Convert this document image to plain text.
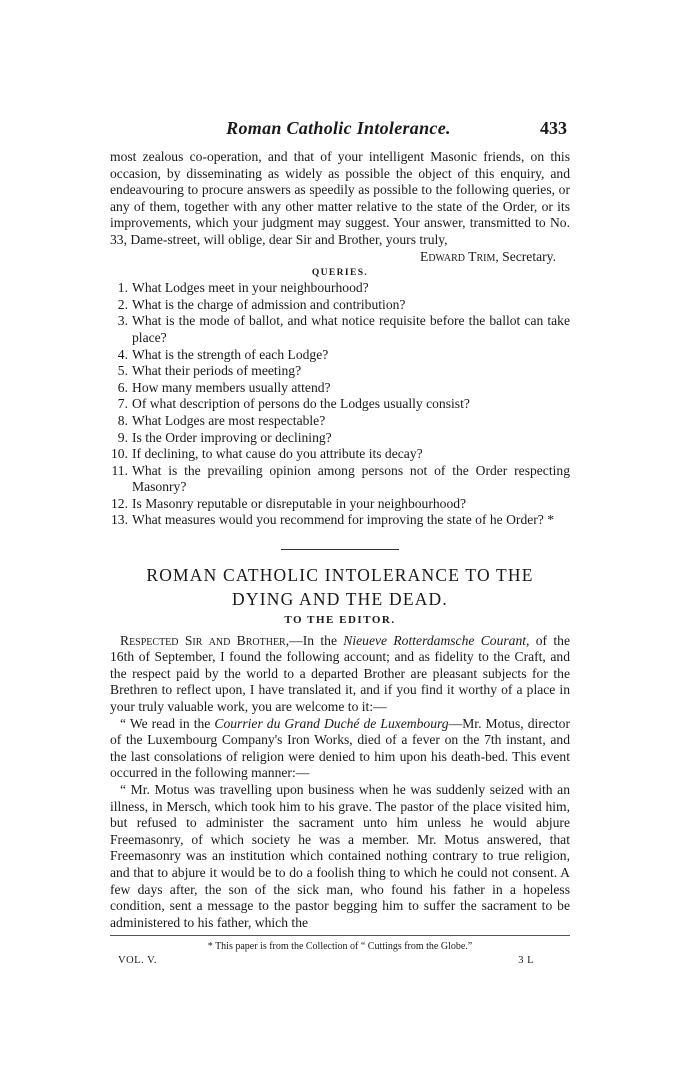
Roman Catholic Intolerance.	433

most zealous co-operation, and that of your intelligent Masonic friends, on this occasion, by disseminating as widely as possible the object of this enquiry, and endeavouring to procure answers as speedily as possible to the following queries, or any of them, together with any other matter relative to the state of the Order, or its improvements, which your judgment may suggest. Your answer, transmitted to No. 33, Dame-street, will oblige, dear Sir and Brother, yours truly,

Edward Trim, Secretary.

QUERIES.
1. What Lodges meet in your neighbourhood?
2. What is the charge of admission and contribution?
3. What is the mode of ballot, and what notice requisite before the ballot can take place?
4. What is the strength of each Lodge?
5. What their periods of meeting?
6. How many members usually attend?
7. Of what description of persons do the Lodges usually consist?
8. What Lodges are most respectable?
9. Is the Order improving or declining?
10. If declining, to what cause do you attribute its decay?
11. What is the prevailing opinion among persons not of the Order respecting Masonry?
12. Is Masonry reputable or disreputable in your neighbourhood?
13. What measures would you recommend for improving the state of he Order? *
ROMAN CATHOLIC INTOLERANCE TO THE
DYING AND THE DEAD.
TO THE EDITOR.

Respected Sir and Brother,—In the Nieueve Rotterdamsche Courant, of the 16th of September, I found the following account; and as fidelity to the Craft, and the respect paid by the world to a departed Brother are pleasant subjects for the Brethren to reflect upon, I have translated it, and if you find it worthy of a place in your truly valuable work, you are welcome to it:—

“ We read in the Courrier du Grand Duché de Luxembourg—Mr. Motus, director of the Luxembourg Company's Iron Works, died of a fever on the 7th instant, and the last consolations of religion were denied to him upon his death-bed. This event occurred in the following manner:—

“ Mr. Motus was travelling upon business when he was suddenly seized with an illness, in Mersch, which took him to his grave. The pastor of the place visited him, but refused to administer the sacrament unto him unless he would abjure Freemasonry, of which society he was a member. Mr. Motus answered, that Freemasonry was an institution which contained nothing contrary to true religion, and that to abjure it would be to do a foolish thing to which he could not consent. A few days after, the son of the sick man, who found his father in a hopeless condition, sent a message to the pastor begging him to suffer the sacrament to be administered to his father, which the

* This paper is from the Collection of “ Cuttings from the Globe.”
VOL. V.	3 L
